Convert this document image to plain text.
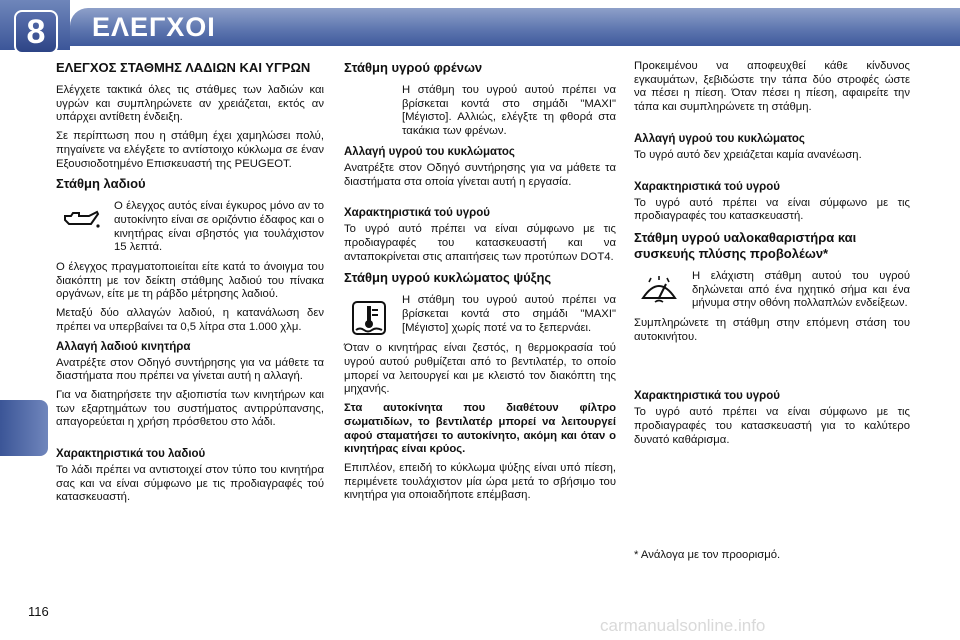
8	ΕΛΕΓΧΟΙ
ΕΛΕΓΧΟΣ ΣΤΑΘΜΗΣ ΛΑΔΙΩΝ ΚΑΙ ΥΓΡΩΝ

Ελέγχετε τακτικά όλες τις στάθμες των λαδιών και υγρών και συμπληρώνετε αν χρειάζεται, εκτός αν υπάρχει αντίθετη ένδειξη.

Σε περίπτωση που η στάθμη έχει χαμηλώσει πολύ, πηγαίνετε να ελέγξετε το αντίστοιχο κύκλωμα σε έναν Εξουσιοδοτημένο Επισκευαστή της PEUGEOT.

Στάθμη λαδιού

Ο έλεγχος αυτός είναι έγκυρος μόνο αν το αυτοκίνητο είναι σε οριζόντιο έδαφος και ο κινητήρας είναι σβηστός για τουλάχιστον 15 λεπτά.

Ο έλεγχος πραγματοποιείται είτε κατά το άνοιγμα του διακόπτη με τον δείκτη στάθμης λαδιού του πίνακα οργάνων, είτε με τη ράβδο μέτρησης λαδιού.

Μεταξύ δύο αλλαγών λαδιού, η κατανάλωση δεν πρέπει να υπερβαίνει τα 0,5 λίτρα στα 1.000 χλμ.

Αλλαγή λαδιού κινητήρα

Ανατρέξτε στον Οδηγό συντήρησης για να μάθετε τα διαστήματα που πρέπει να γίνεται αυτή η αλλαγή.

Για να διατηρήσετε την αξιοπιστία των κινητήρων και των εξαρτημάτων του συστήματος αντιρρύπανσης, απαγορεύεται η χρήση πρόσθετου στο λάδι.

Χαρακτηριστικά του λαδιού

Το λάδι πρέπει να αντιστοιχεί στον τύπο του κινητήρα σας και να είναι σύμφωνο με τις προδιαγραφές τού κατασκευαστή.

Στάθμη υγρού φρένων

Η στάθμη του υγρού αυτού πρέπει να βρίσκεται κοντά στο σημάδι "MAXI" [Μέγιστο]. Αλλιώς, ελέγξτε τη φθορά στα τακάκια των φρένων.

Αλλαγή υγρού του κυκλώματος

Ανατρέξτε στον Οδηγό συντήρησης για να μάθετε τα διαστήματα στα οποία γίνεται αυτή η εργασία.

Χαρακτηριστικά τού υγρού

Το υγρό αυτό πρέπει να είναι σύμφωνο με τις προδιαγραφές του κατασκευαστή και να ανταποκρίνεται στις απαιτήσεις των προτύπων DOT4.

Στάθμη υγρού κυκλώματος ψύξης

Η στάθμη του υγρού αυτού πρέπει να βρίσκεται κοντά στο σημάδι "MAXI" [Μέγιστο] χωρίς ποτέ να το ξεπερνάει.

Όταν ο κινητήρας είναι ζεστός, η θερμοκρασία τού υγρού αυτού ρυθμίζεται από το βεντιλατέρ, το οποίο μπορεί να λειτουργεί και με κλειστό τον διακόπτη της μηχανής.

Στα αυτοκίνητα που διαθέτουν φίλτρο σωματιδίων, το βεντιλατέρ μπορεί να λειτουργεί αφού σταματήσει το αυτοκίνητο, ακόμη και όταν ο κινητήρας είναι κρύος.

Επιπλέον, επειδή το κύκλωμα ψύξης είναι υπό πίεση, περιμένετε τουλάχιστον μία ώρα μετά το σβήσιμο του κινητήρα για οποιαδήποτε επέμβαση.

Προκειμένου να αποφευχθεί κάθε κίνδυνος εγκαυμάτων, ξεβιδώστε την τάπα δύο στροφές ώστε να πέσει η πίεση. Όταν πέσει η πίεση, αφαιρείτε την τάπα και συμπληρώνετε τη στάθμη.

Αλλαγή υγρού του κυκλώματος

Το υγρό αυτό δεν χρειάζεται καμία ανανέωση.

Χαρακτηριστικά τού υγρού

Το υγρό αυτό πρέπει να είναι σύμφωνο με τις προδιαγραφές του κατασκευαστή.

Στάθμη υγρού υαλοκαθαριστήρα και συσκευής πλύσης προβολέων*

Η ελάχιστη στάθμη αυτού του υγρού δηλώνεται από ένα ηχητικό σήμα και ένα μήνυμα στην οθόνη πολλαπλών ενδείξεων.

Συμπληρώνετε τη στάθμη στην επόμενη στάση του αυτοκινήτου.

Χαρακτηριστικά του υγρού

Το υγρό αυτό πρέπει να είναι σύμφωνο με τις προδιαγραφές του κατασκευαστή για το καλύτερο δυνατό καθάρισμα.

* Ανάλογα με τον προορισμό.

116
carmanualsonline.info
